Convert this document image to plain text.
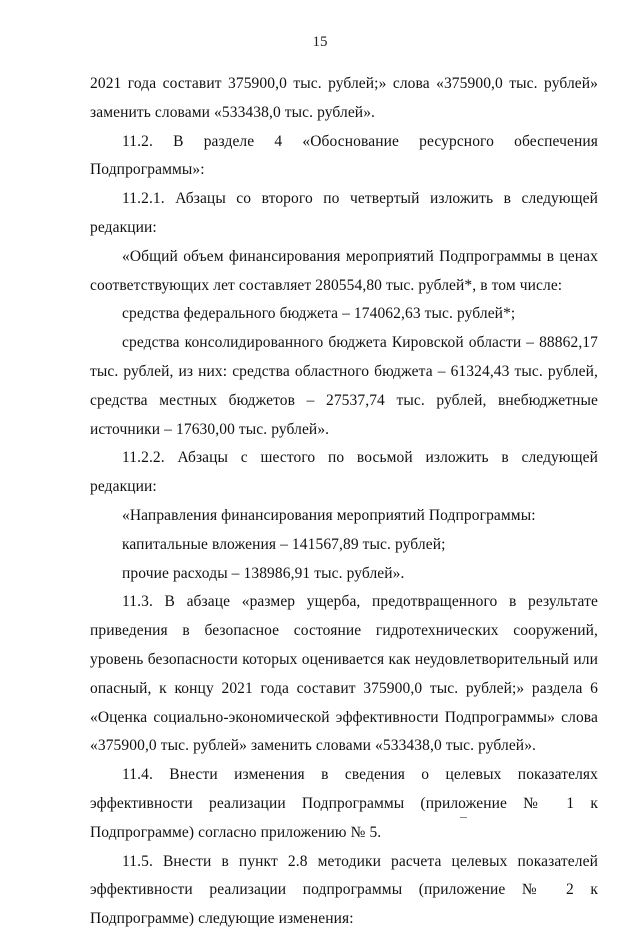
15

2021 года составит 375900,0 тыс. рублей;» слова «375900,0 тыс. рублей» заменить словами «533438,0 тыс. рублей».

11.2. В разделе 4 «Обоснование ресурсного обеспечения Подпрограммы»:

11.2.1. Абзацы со второго по четвертый изложить в следующей редакции:

«Общий объем финансирования мероприятий Подпрограммы в ценах соответствующих лет составляет 280554,80 тыс. рублей*, в том числе:

средства федерального бюджета – 174062,63 тыс. рублей*;

средства консолидированного бюджета Кировской области – 88862,17 тыс. рублей, из них: средства областного бюджета – 61324,43 тыс. рублей, средства местных бюджетов – 27537,74 тыс. рублей, внебюджетные источники – 17630,00 тыс. рублей».

11.2.2. Абзацы с шестого по восьмой изложить в следующей редакции:

«Направления финансирования мероприятий Подпрограммы:

капитальные вложения – 141567,89 тыс. рублей;

прочие расходы – 138986,91 тыс. рублей».

11.3. В абзаце «размер ущерба, предотвращенного в результате приведения в безопасное состояние гидротехнических сооружений, уровень безопасности которых оценивается как неудовлетворительный или опасный, к концу 2021 года составит 375900,0 тыс. рублей;» раздела 6 «Оценка социально-экономической эффективности Подпрограммы» слова «375900,0 тыс. рублей» заменить словами «533438,0 тыс. рублей».

11.4. Внести изменения в сведения о целевых показателях эффективности реализации Подпрограммы (приложение № 1 к Подпрограмме) согласно приложению № 5.

11.5. Внести в пункт 2.8 методики расчета целевых показателей эффективности реализации подпрограммы (приложение № 2 к Подпрограмме) следующие изменения:
